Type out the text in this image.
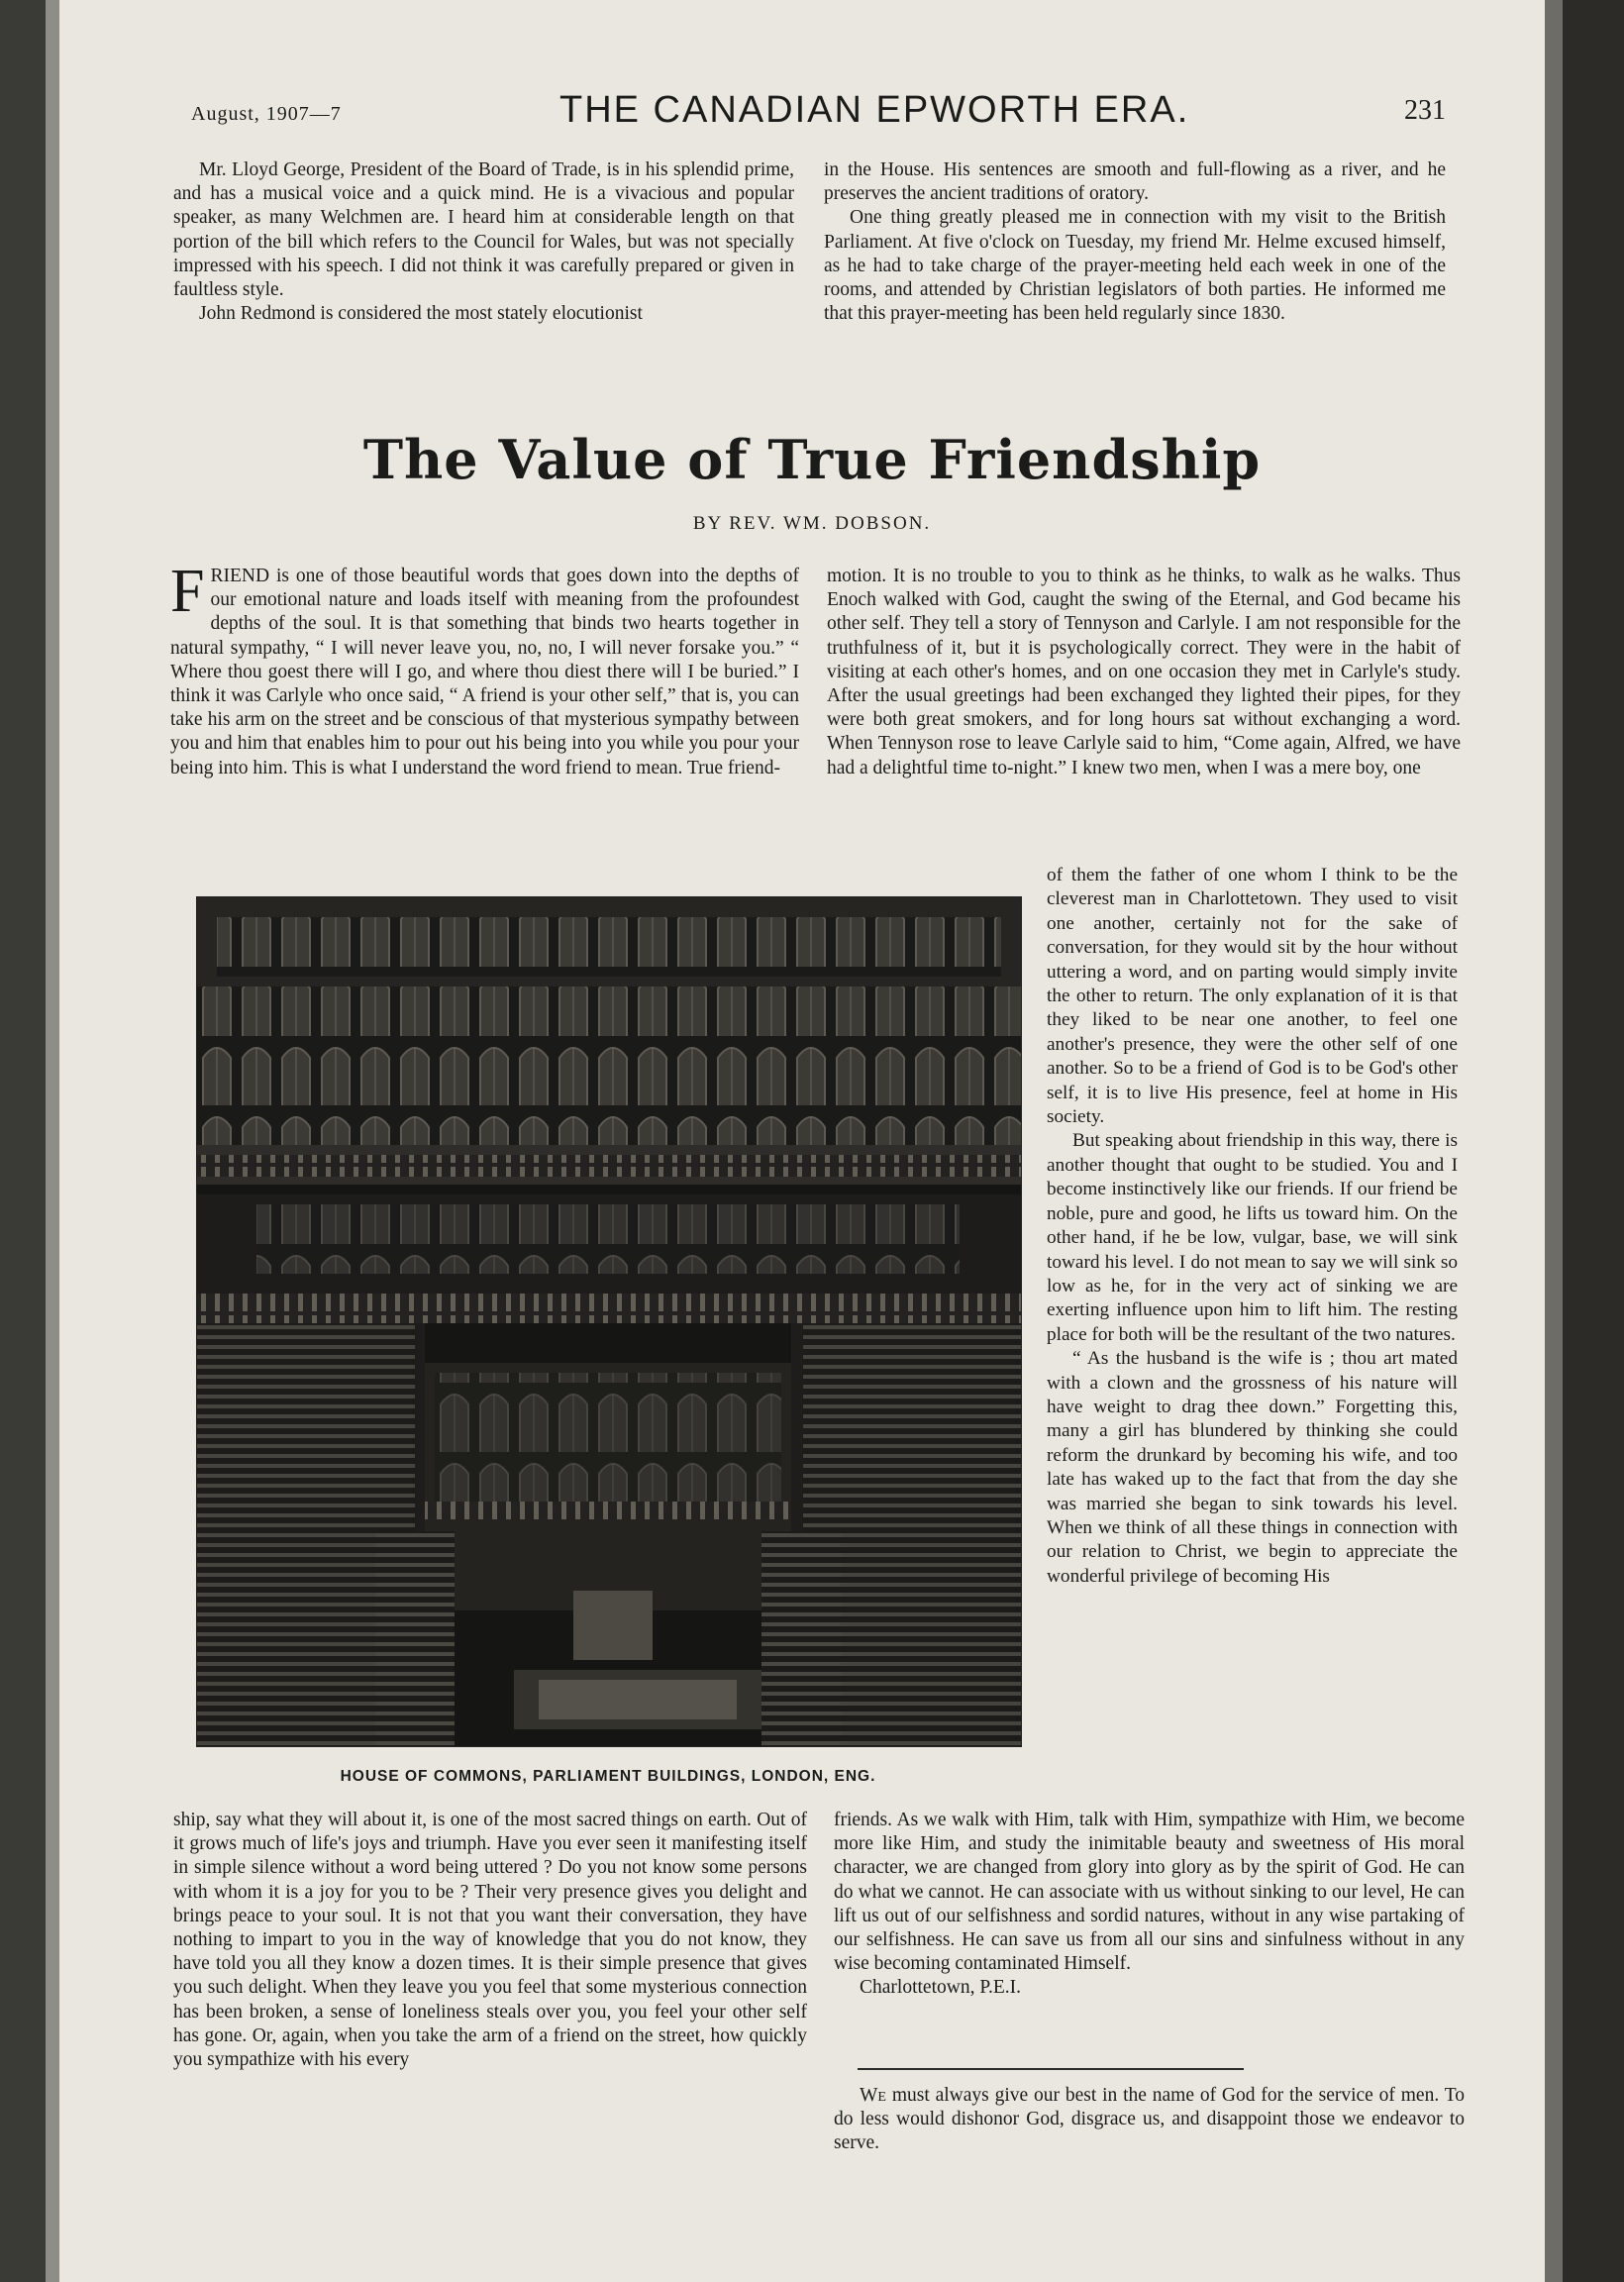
August, 1907—7	THE CANADIAN EPWORTH ERA.	231

Mr. Lloyd George, President of the Board of Trade, is in his splendid prime, and has a musical voice and a quick mind. He is a vivacious and popular speaker, as many Welchmen are. I heard him at considerable length on that portion of the bill which refers to the Council for Wales, but was not specially impressed with his speech. I did not think it was carefully prepared or given in faultless style.

John Redmond is considered the most stately elocutionist

in the House. His sentences are smooth and full-flowing as a river, and he preserves the ancient traditions of oratory.

One thing greatly pleased me in connection with my visit to the British Parliament. At five o'clock on Tuesday, my friend Mr. Helme excused himself, as he had to take charge of the prayer-meeting held each week in one of the rooms, and attended by Christian legislators of both parties. He informed me that this prayer-meeting has been held regularly since 1830.

The Value of True Friendship
BY REV. WM. DOBSON.

FRIEND is one of those beautiful words that goes down into the depths of our emotional nature and loads itself with meaning from the profoundest depths of the soul. It is that something that binds two hearts together in natural sympathy, “ I will never leave you, no, no, I will never forsake you.” “ Where thou goest there will I go, and where thou diest there will I be buried.” I think it was Carlyle who once said, “ A friend is your other self,” that is, you can take his arm on the street and be conscious of that mysterious sympathy between you and him that enables him to pour out his being into you while you pour your being into him. This is what I understand the word friend to mean. True friend-

motion. It is no trouble to you to think as he thinks, to walk as he walks. Thus Enoch walked with God, caught the swing of the Eternal, and God became his other self. They tell a story of Tennyson and Carlyle. I am not responsible for the truthfulness of it, but it is psychologically correct. They were in the habit of visiting at each other's homes, and on one occasion they met in Carlyle's study. After the usual greetings had been exchanged they lighted their pipes, for they were both great smokers, and for long hours sat without exchanging a word. When Tennyson rose to leave Carlyle said to him, “Come again, Alfred, we have had a delightful time to-night.” I knew two men, when I was a mere boy, one

HOUSE OF COMMONS, PARLIAMENT BUILDINGS, LONDON, ENG.

of them the father of one whom I think to be the cleverest man in Charlottetown. They used to visit one another, certainly not for the sake of conversation, for they would sit by the hour without uttering a word, and on parting would simply invite the other to return. The only explanation of it is that they liked to be near one another, to feel one another's presence, they were the other self of one another. So to be a friend of God is to be God's other self, it is to live His presence, feel at home in His society.

But speaking about friendship in this way, there is another thought that ought to be studied. You and I become instinctively like our friends. If our friend be noble, pure and good, he lifts us toward him. On the other hand, if he be low, vulgar, base, we will sink toward his level. I do not mean to say we will sink so low as he, for in the very act of sinking we are exerting influence upon him to lift him. The resting place for both will be the resultant of the two natures.

“ As the husband is the wife is ; thou art mated with a clown and the grossness of his nature will have weight to drag thee down.” Forgetting this, many a girl has blundered by thinking she could reform the drunkard by becoming his wife, and too late has waked up to the fact that from the day she was married she began to sink towards his level. When we think of all these things in connection with our relation to Christ, we begin to appreciate the wonderful privilege of becoming His

ship, say what they will about it, is one of the most sacred things on earth. Out of it grows much of life's joys and triumph. Have you ever seen it manifesting itself in simple silence without a word being uttered ? Do you not know some persons with whom it is a joy for you to be ? Their very presence gives you delight and brings peace to your soul. It is not that you want their conversation, they have nothing to impart to you in the way of knowledge that you do not know, they have told you all they know a dozen times. It is their simple presence that gives you such delight. When they leave you you feel that some mysterious connection has been broken, a sense of loneliness steals over you, you feel your other self has gone. Or, again, when you take the arm of a friend on the street, how quickly you sympathize with his every

friends. As we walk with Him, talk with Him, sympathize with Him, we become more like Him, and study the inimitable beauty and sweetness of His moral character, we are changed from glory into glory as by the spirit of God. He can do what we cannot. He can associate with us without sinking to our level, He can lift us out of our selfishness and sordid natures, without in any wise partaking of our selfishness. He can save us from all our sins and sinfulness without in any wise becoming contaminated Himself.

Charlottetown, P.E.I.

We must always give our best in the name of God for the service of men. To do less would dishonor God, disgrace us, and disappoint those we endeavor to serve.
